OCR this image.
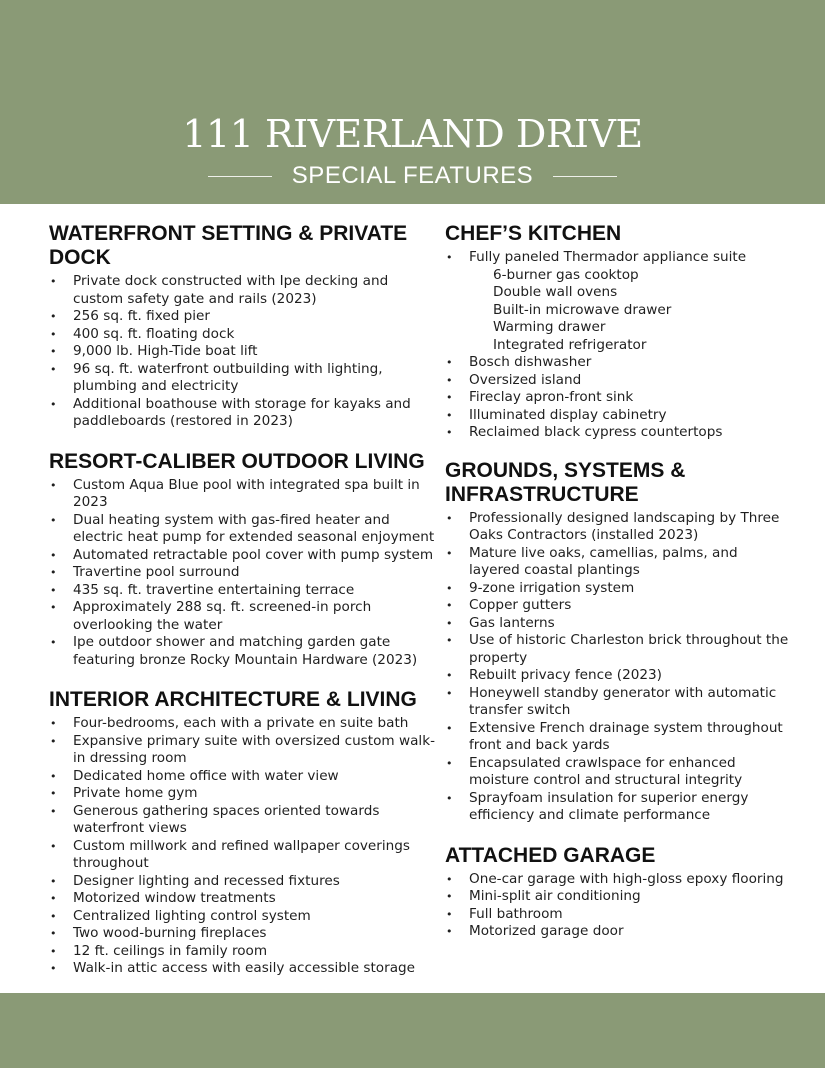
111 RIVERLAND DRIVE
SPECIAL FEATURES
WATERFRONT SETTING & PRIVATE DOCK
• Private dock constructed with Ipe decking and custom safety gate and rails (2023)
• 256 sq. ft. fixed pier
• 400 sq. ft. floating dock
• 9,000 lb. High-Tide boat lift
• 96 sq. ft. waterfront outbuilding with lighting, plumbing and electricity
• Additional boathouse with storage for kayaks and paddleboards (restored in 2023)
RESORT-CALIBER OUTDOOR LIVING
• Custom Aqua Blue pool with integrated spa built in 2023
• Dual heating system with gas-fired heater and electric heat pump for extended seasonal enjoyment
• Automated retractable pool cover with pump system
• Travertine pool surround
• 435 sq. ft. travertine entertaining terrace
• Approximately 288 sq. ft. screened-in porch overlooking the water
• Ipe outdoor shower and matching garden gate featuring bronze Rocky Mountain Hardware (2023)
INTERIOR ARCHITECTURE & LIVING
• Four-bedrooms, each with a private en suite bath
• Expansive primary suite with oversized custom walk-in dressing room
• Dedicated home office with water view
• Private home gym
• Generous gathering spaces oriented towards waterfront views
• Custom millwork and refined wallpaper coverings throughout
• Designer lighting and recessed fixtures
• Motorized window treatments
• Centralized lighting control system
• Two wood-burning fireplaces
• 12 ft. ceilings in family room
• Walk-in attic access with easily accessible storage
CHEF’S KITCHEN
• Fully paneled Thermador appliance suite
6-burner gas cooktop
Double wall ovens
Built-in microwave drawer
Warming drawer
Integrated refrigerator
• Bosch dishwasher
• Oversized island
• Fireclay apron-front sink
• Illuminated display cabinetry
• Reclaimed black cypress countertops
GROUNDS, SYSTEMS & INFRASTRUCTURE
• Professionally designed landscaping by Three Oaks Contractors (installed 2023)
• Mature live oaks, camellias, palms, and layered coastal plantings
• 9-zone irrigation system
• Copper gutters
• Gas lanterns
• Use of historic Charleston brick throughout the property
• Rebuilt privacy fence (2023)
• Honeywell standby generator with automatic transfer switch
• Extensive French drainage system throughout front and back yards
• Encapsulated crawlspace for enhanced moisture control and structural integrity
• Sprayfoam insulation for superior energy efficiency and climate performance
ATTACHED GARAGE
• One-car garage with high-gloss epoxy flooring
• Mini-split air conditioning
• Full bathroom
• Motorized garage door
